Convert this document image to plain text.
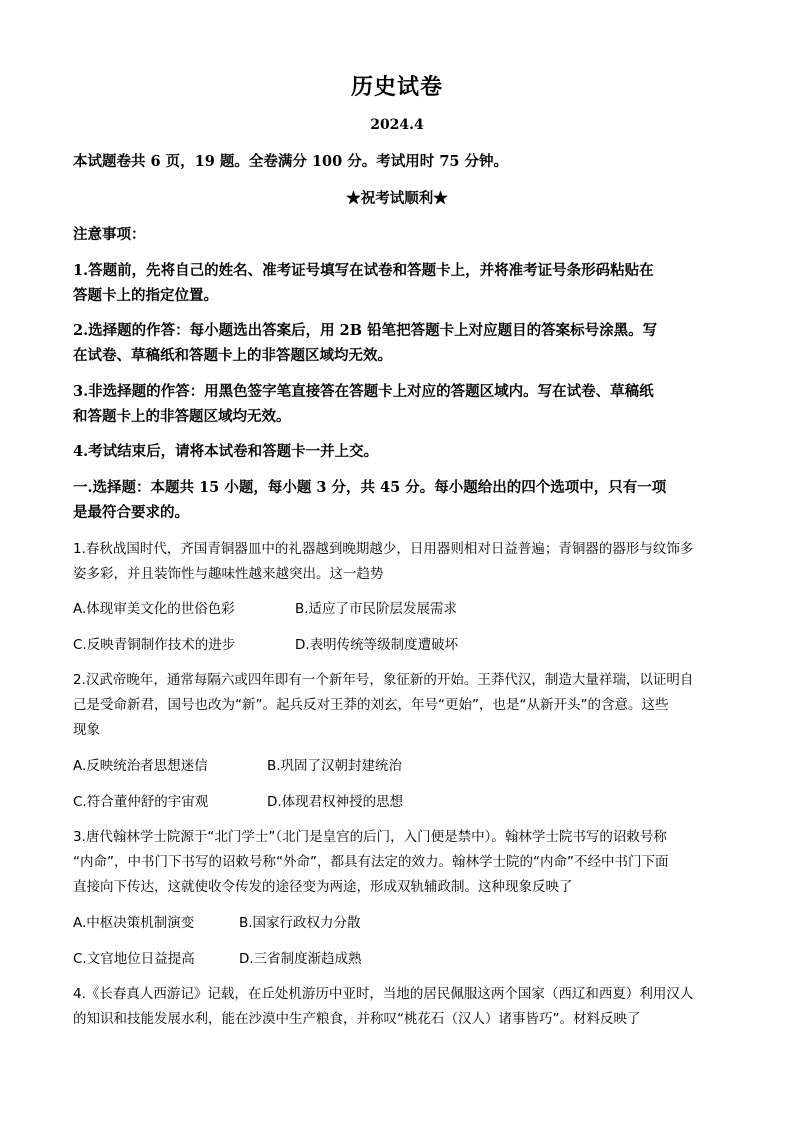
历史试卷
2024.4
本试题卷共 6 页，19 题。全卷满分 100 分。考试用时 75 分钟。
★祝考试顺利★
注意事项：
1.答题前，先将自己的姓名、准考证号填写在试卷和答题卡上，并将准考证号条形码粘贴在
答题卡上的指定位置。
2.选择题的作答：每小题选出答案后，用 2B 铅笔把答题卡上对应题目的答案标号涂黑。写
在试卷、草稿纸和答题卡上的非答题区域均无效。
3.非选择题的作答：用黑色签字笔直接答在答题卡上对应的答题区域内。写在试卷、草稿纸
和答题卡上的非答题区域均无效。
4.考试结束后，请将本试卷和答题卡一并上交。
一.选择题：本题共 15 小题，每小题 3 分，共 45 分。每小题给出的四个选项中，只有一项
是最符合要求的。
1.春秋战国时代，齐国青铜器皿中的礼器越到晚期越少，日用器则相对日益普遍；青铜器的器形与纹饰多
姿多彩，并且装饰性与趣味性越来越突出。这一趋势
A.体现审美文化的世俗色彩	B.适应了市民阶层发展需求
C.反映青铜制作技术的进步	D.表明传统等级制度遭破坏
2.汉武帝晚年，通常每隔六或四年即有一个新年号，象征新的开始。王莽代汉，制造大量祥瑞，以证明自
己是受命新君，国号也改为“新”。起兵反对王莽的刘玄，年号“更始”，也是“从新开头”的含意。这些
现象
A.反映统治者思想迷信	B.巩固了汉朝封建统治
C.符合董仲舒的宇宙观	D.体现君权神授的思想
3.唐代翰林学士院源于“北门学士”（北门是皇宫的后门，入门便是禁中）。翰林学士院书写的诏敕号称
“内命”，中书门下书写的诏敕号称“外命”，都具有法定的效力。翰林学士院的“内命”不经中书门下面
直接向下传达，这就使收令传发的途径变为两途，形成双轨辅政制。这种现象反映了
A.中枢决策机制演变	B.国家行政权力分散
C.文官地位日益提高	D.三省制度渐趋成熟
4.《长春真人西游记》记载，在丘处机游历中亚时，当地的居民佩服这两个国家（西辽和西夏）利用汉人
的知识和技能发展水利，能在沙漠中生产粮食，并称叹“桃花石（汉人）诸事皆巧”。材料反映了
